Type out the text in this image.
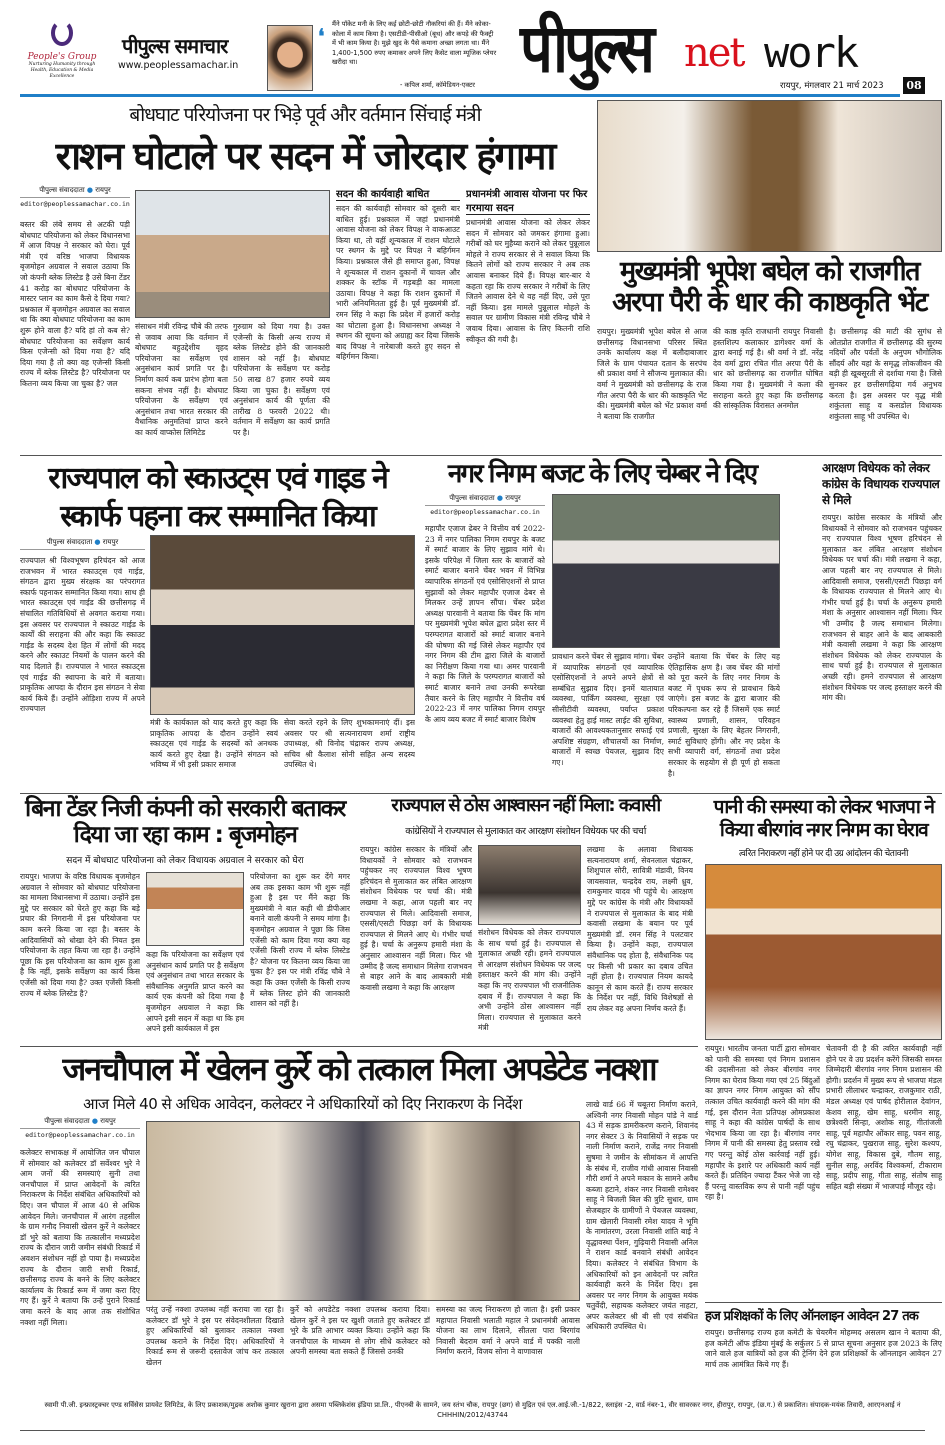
People's Group
Nurturing Humanity through Health, Education & Media Excellence
पीपुल्स समाचार
www.peoplessamachar.in
❛ मैंने पॉकेट मनी के लिए कई छोटी-छोटी नौकरियां की हैं। मैंने कोका-कोला में काम किया है। एसटीडी-पीसीओ (बूथ) और कपड़े की फैक्ट्री में भी काम किया है। मुझे खुद के पैसे कमाना अच्छा लगता था। मैंने 1,400-1,500 रुपए कमाकर अपने लिए कैसेट वाला म्यूजिक प्लेयर खरीदा था।
- कपिल शर्मा, कॉमेडियन-एक्टर पीपुल्स net work
रायपुर, मंगलवार 21 मार्च 2023	08
बोधघाट परियोजना पर भिड़े पूर्व और वर्तमान सिंचाई मंत्री
राशन घोटाले पर सदन में जोरदार हंगामा
पीपुल्स संवाददाता ● रायपुर
editor@peoplessamachar.co.in
बस्तर की लंबे समय से अटकी पड़ी बोधघाट परियोजना को लेकर विधानसभा में आज विपक्ष ने सरकार को घेरा। पूर्व मंत्री एवं वरिष्ठ भाजपा विधायक बृजमोहन अग्रवाल ने सवाल उठाया कि जो कंपनी ब्लेक लिस्टेड है उसे बिना टेंडर 41 करोड़ का बोधघाट परियोजना के मास्टर प्लान का काम कैसे दे दिया गया? प्रश्नकाल में बृजमोहन अग्रवाल का सवाल था कि क्या बोधघाट परियोजना का काम शुरू होने वाला है? यदि हां तो कब से? बोधघाट परियोजना का सर्वेक्षण कार्य किस एजेन्सी को दिया गया है? यदि दिया गया है तो क्या वह एजेन्सी किसी राज्य में ब्लेक लिस्टेड है? परियोजना पर कितना व्यय किया जा चुका है? जल
संसाधन मंत्री रविन्द्र चौबे की तरफ से जवाब आया कि वर्तमान में बोधघाट बहुउद्देशीय वृहद परियोजना का सर्वेक्षण एवं अनुसंधान कार्य प्रगति पर है। निर्माण कार्य कब प्रारंभ होगा बता सकना संभव नहीं है। बोधघाट परियोजना के सर्वेक्षण एवं अनुसंधान तथा भारत सरकार की वैधानिक अनुमतियां प्राप्त करने का कार्य वाप्कोस लिमिटेड
गुरुग्राम को दिया गया है। उक्त एजेन्सी के किसी अन्य राज्य में ब्लेक लिस्टेड होने की जानकारी शासन को नहीं है। बोधघाट परियोजना के सर्वेक्षण पर करोड़ 50 लाख 87 हजार रुपये व्यय किया जा चुका है। सर्वेक्षण एवं अनुसंधान कार्य की पूर्णता की तारीख 8 फरवरी 2022 थी। वर्तमान में सर्वेक्षण का कार्य प्रगति पर है।
सदन की कार्यवाही बाधित
सदन की कार्यवाही सोमवार को दूसरी बार बाधित हुई। प्रश्नकाल में जहां प्रधानमंत्री आवास योजना को लेकर विपक्ष ने वाकआउट किया था, तो वहीं शून्यकाल में राशन घोटाले पर स्थगन के मुद्दे पर विपक्ष ने बहिर्गमन किया। प्रश्नकाल जैसे ही समाप्त हुआ, विपक्ष ने शून्यकाल में राशन दुकानों में चावल और शक्कर के स्टॉक में गड़बड़ी का मामला उठाया। विपक्ष ने कहा कि राशन दुकानों में भारी अनियमितता हुई है। पूर्व मुख्यमंत्री डॉ. रमन सिंह ने कहा कि प्रदेश में हजारों करोड़ का घोटाला हुआ है। विधानसभा अध्यक्ष ने स्थगन की सूचना को अग्राह्य कर दिया जिसके बाद विपक्ष ने नारेबाजी करते हुए सदन से बहिर्गमन किया।
प्रधानमंत्री आवास योजना पर फिर गरमाया सदन
प्रधानमंत्री आवास योजना को लेकर लेकर सदन में सोमवार को जमकर हंगामा हुआ। गरीबों को घर मुहैय्या कराने को लेकर पुन्नूलाल मोहले ने राज्य सरकार से ने सवाल किया कि कितने लोगों को राज्य सरकार ने अब तक आवास बनाकर दिये हैं। विपक्ष बार-बार ये कहता रहा कि राज्य सरकार ने गरीबों के लिए जितने आवास देने थे वह नहीं दिए, उसे पूरा नहीं किया। इस मामले पुन्नूलाल मोहले के सवाल पर ग्रामीण विकास मंत्री रविन्द्र चौबे ने जवाब दिया। आवास के लिए कितनी राशि स्वीकृत की गयी है।
मुख्यमंत्री भूपेश बघेल को राजगीत अरपा पैरी के धार की काष्ठकृति भेंट
रायपुर। मुख्यमंत्री भूपेश बघेल से आज छत्तीसगढ़ विधानसभा परिसर स्थित उनके कार्यालय कक्ष में बलौदाबाजार जिले के ग्राम पंचायत दतान के सरपंच श्री प्रकाश वर्मा ने सौजन्य मुलाकात की। वर्मा ने मुख्यमंत्री को छत्तीसगढ़ के राज गीत अरपा पैरी के धार की काष्ठकृति भेंट की। मुख्यमंत्री बघेल को भेंट प्रकाश वर्मा ने बताया कि राजगीत
की काष्ठ कृति राजधानी रायपुर निवासी हस्तशिल्प कलाकार डागेश्वर वर्मा के द्वारा बनाई गई है। श्री वर्मा ने डॉ. नरेंद्र देव वर्मा द्वारा रचित गीत अरपा पैरी के धार को छत्तीसगढ़ का राजगीत घोषित किया गया है। मुख्यमंत्री ने कला की सराहना करते हुए कहा कि छत्तीसगढ़ की सांस्कृतिक विरासत अनमोल
है। छत्तीसगढ़ की माटी की सुगंध से ओतप्रोत राजगीत में छत्तीसगढ़ की सुरम्य नदियों और पर्वतों के अनुपम भौगोलिक सौंदर्य और यहां के समृद्ध लोकजीवन की बड़ी ही खूबसूरती से दर्शाया गया है। जिसे सुनकर हर छत्तीसगढ़िया गर्व अनुभव करता है। इस अवसर पर वृद्ध मंत्री शकुंतला साहू व कसडोल विधायक शकुंतला साहू भी उपस्थित थे।
राज्यपाल को स्काउट्स एवं गाइड ने स्कार्फ पहना कर सम्मानित किया
पीपुल्स संवाददाता ● रायपुर
राज्यपाल श्री विश्वभूषण हरिचंदन को आज राजभवन में भारत स्काउट्स एवं गाईड, संगठन द्वारा मुख्य संरक्षक का परंपरागत स्कार्फ पहनाकर सम्मानित किया गया। साथ ही भारत स्काउट्स एवं गाईड की छत्तीसगढ़ में संचालित गतिविधियों से अवगत कराया गया। इस अवसर पर राज्यपाल ने स्काउट गाईड के कार्यों की सराहना की और कहा कि स्काउट गाईड के सदस्य देश हित में लोगों की मदद करने और स्काउट नियमों के पालन करने की याद दिलाते हैं। राज्यपाल ने भारत स्काउट्स एवं गाईड की स्थापना के बारे में बताया। प्राकृतिक आपदा के दौरान इस संगठन ने सेवा कार्य किये हैं। उन्होंने ओड़िशा राज्य में अपने राज्यपाल
मंत्री के कार्यकाल को याद करते हुए कहा कि प्राकृतिक आपदा के दौरान उन्होंने स्वयं स्काउट्स एवं गाईड के सदस्यों को अनथक कार्य करते हुए देखा है। उन्होंने संगठन को भविष्य में भी इसी प्रकार समाज
सेवा करते रहने के लिए शुभकामनाएं दीं। इस अवसर पर श्री सत्यनारायण शर्मा राष्ट्रीय उपाध्यक्ष, श्री विनोद चंद्राकर राज्य अध्यक्ष, सचिव श्री कैलाश सोनी सहित अन्य सदस्य उपस्थित थे।
नगर निगम बजट के लिए चेम्बर ने दिए
पीपुल्स संवाददाता ● रायपुर
editor@peoplessamachar.co.in
महापौर एजाज ढेबर ने वित्तीय वर्ष 2022-23 में नगर पालिका निगम रायपुर के बजट में स्मार्ट बाजार के लिए सुझाव मांगे थे। इसके परिपेक्ष में जिला स्तर के बाजारों को स्मार्ट बाजार बनाने चेंबर भवन में विभिन्न व्यापारिक संगठनों एवं एसोसिएशनों से प्राप्त सुझावों को लेकर महापौर एजाज ढेबर से मिलकर उन्हें ज्ञापन सौंपा। चेंबर प्रदेश अध्यक्ष पारवानी ने बताया कि चेंबर कि मांग पर मुख्यमंत्री भूपेश बघेल द्वारा प्रदेश स्तर में परम्परागत बाजारों को स्मार्ट बाजार बनाने की घोषणा की गई जिसे लेकर महापौर एवं नगर निगम की टीम द्वारा जिले के बाजारों का निरीक्षण किया गया था। अमर पारवानी ने कहा कि जिले के परम्परागत बाजारों को स्मार्ट बाजार बनाने तथा उनकी रूपरेखा तैयार करने के लिए महापौर ने वित्तीय वर्ष 2022-23 में नगर पालिका निगम रायपुर के आय व्यय बजट में स्मार्ट बाजार विशेष
प्रावधान करने चेंबर से सुझाव मांगा। चेंबर में व्यापारिक संगठनों एवं व्यापारिक एसोसिएशनों ने अपने अपने क्षेत्रों से सम्बंधित सुझाव दिए। इनमें यातायात व्यवस्था, पार्किंग व्यवस्था, सुरक्षा एवं सीसीटीवी व्यवस्था, पर्याप्त प्रकाश व्यवस्था हेतु हाई मास्ट लाईट की सुविधा, बाजारों की आवश्यकतानुसार सफाई एवं अपशिष्ट संग्रहण, शौचालयों का निर्माण, बाजारों में स्वच्छ पेयजल, सुझाव दिए गए।
उन्होंने बताया कि चेंबर के लिए यह ऐतिहासिक क्षण है। जब चेंबर की मांगों को पूरा करने के लिए नगर निगम के बजट में पृथक रूप से प्रावधान किये जाएंगे। इस बजट के द्वारा बाजार की परिकल्पना कर रहे हैं जिसमें एक स्मार्ट स्वास्थ्य प्रणाली, शासन, परिवहन प्रणाली, सुरक्षा के लिए बेहतर निगरानी, स्मार्ट सुविधाएं होंगी। और नए प्रदेश के सभी व्यापारी वर्ग, संगठनों तथा प्रदेश सरकार के सहयोग से ही पूर्ण हो सकता है।
आरक्षण विधेयक को लेकर कांग्रेस के विधायक राज्यपाल से मिले
रायपुर। कांग्रेस सरकार के मंत्रियों और विधायकों ने सोमवार को राजभवन पहुंचकर नए राज्यपाल विश्व भूषण हरिचंदन से मुलाकात कर लंबित आरक्षण संशोधन विधेयक पर चर्चा की। मंत्री लखमा ने कहा, आज पहली बार नए राज्यपाल से मिले। आदिवासी समाज, एससी/एसटी पिछड़ा वर्ग के विधायक राज्यपाल से मिलने आए थे। गंभीर चर्चा हुई है। चर्चा के अनुरूप हमारी मंशा के अनुसार आश्वासन नहीं मिला। फिर भी उम्मीद है जल्द समाधान मिलेगा। राजभवन से बाहर आने के बाद आबकारी मंत्री कवासी लखमा ने कहा कि आरक्षण संशोधन विधेयक को लेकर राज्यपाल के साथ चर्चा हुई है। राज्यपाल से मुलाकात अच्छी रही। हमने राज्यपाल से आरक्षण संशोधन विधेयक पर जल्द हस्ताक्षर करने की मांग की।
बिना टेंडर निजी कंपनी को सरकारी बताकर दिया जा रहा काम : बृजमोहन
सदन में बोधघाट परियोजना को लेकर विधायक अग्रवाल ने सरकार को घेरा
रायपुर। भाजपा के वरिष्ठ विधायक बृजमोहन अग्रवाल ने सोमवार को बोधघाट परियोजना का मामला विधानसभा में उठाया। उन्होंने इस मुद्दे पर सरकार को घेरते हुए कहा कि बड़े प्रचार की निगरानी में इस परियोजना पर काम करने किया जा रहा है। बस्तर के आदिवासियों को धोखा देने की नियत इस परियोजना के तहत किया जा रहा है। उन्होंने पूछा कि इस परियोजना का काम शुरू हुआ है कि नहीं, इसके सर्वेक्षण का कार्य किस एजेंसी को दिया गया है? उक्त एजेंसी किसी राज्य में ब्लेक लिस्टेड है?
कहा कि परियोजना का सर्वेक्षण एवं अनुसंधान कार्य प्रगति पर है सर्वेक्षण एवं अनुसंधान तथा भारत सरकार के संवैधानिक अनुमति प्राप्त करने का कार्य एक कंपनी को दिया गया है बृजमोहन अग्रवाल ने कहा कि आपने इसी सदन में कहा था कि हम अपने इसी कार्यकाल में इस
परियोजना का शुरू कर देंगे मगर अब तक इसका काम भी शुरू नहीं हुआ है इस पर मैंने कहा कि मुख्यमंत्री ने बात कही थी डीपीआर बनाने वाली कंपनी ने समय मांगा है। बृजमोहन अग्रवाल ने पूछा कि जिस एजेंसी को काम दिया गया क्या वह एजेंसी किसी राज्य में ब्लेक लिस्टेड है? योजना पर कितना व्यय किया जा चुका है? इस पर मंत्री रविंद्र चौबे ने कहा कि उक्त एजेंसी के किसी राज्य में ब्लेक लिस्ट होने की जानकारी शासन को नहीं है।
राज्यपाल से ठोस आश्वासन नहीं मिला: कवासी
कांग्रेसियों ने राज्यपाल से मुलाकात कर आरक्षण संशोधन विधेयक पर की चर्चा
रायपुर। कांग्रेस सरकार के मंत्रियों और विधायकों ने सोमवार को राजभवन पहुंचकर नए राज्यपाल विश्व भूषण हरिचंदन से मुलाकात कर लंबित आरक्षण संशोधन विधेयक पर चर्चा की। मंत्री लखमा ने कहा, आज पहली बार नए राज्यपाल से मिले। आदिवासी समाज, एससी/एसटी पिछड़ा वर्ग के विधायक राज्यपाल से मिलने आए थे। गंभीर चर्चा हुई है। चर्चा के अनुरूप हमारी मंशा के अनुसार आश्वासन नहीं मिला। फिर भी उम्मीद है जल्द समाधान मिलेगा राजभवन से बाहर आने के बाद आबकारी मंत्री कवासी लखमा ने कहा कि आरक्षण
संशोधन विधेयक को लेकर राज्यपाल के साथ चर्चा हुई है। राज्यपाल से मुलाकात अच्छी रही। हमने राज्यपाल से आरक्षण संशोधन विधेयक पर जल्द हस्ताक्षर करने की मांग की। उन्होंने कहा कि नए राज्यपाल भी राजनीतिक दबाव में हैं। राज्यपाल ने कहा कि अभी उन्होंने ठोस आश्वासन नहीं मिला। राज्यपाल से मुलाकात करने मंत्री
लखमा के अलावा विधायक सत्यनारायण शर्मा, सेवनलाल चंद्राकर, शिशुपाल सोरी, सावित्री मंडावी, विनय जायसवाल, चन्द्रदेव राय, लक्ष्मी ध्रुव, रामकुमार यादव भी पहुंचे थे। आरक्षण मुद्दे पर कांग्रेस के मंत्री और विधायकों ने राज्यपाल से मुलाकात के बाद मंत्री कवासी लखमा के बयान पर पूर्व मुख्यमंत्री डॉ. रमन सिंह ने पलटवार किया है। उन्होंने कहा, राज्यपाल संवैधानिक पद होता है, संवैधानिक पद पर किसी भी प्रकार का दबाव उचित नहीं होता है। राज्यपाल नियम कायदे कानून से काम करते हैं। राज्य सरकार के निर्देश पर नहीं, विधि विशेषज्ञों से राय लेकर वह अपना निर्णय करते हैं।
पानी की समस्या को लेकर भाजपा ने किया बीरगांव नगर निगम का घेराव
त्वरित निराकरण नहीं होने पर दी उग्र आंदोलन की चेतावनी
रायपुर। भारतीय जनता पार्टी द्वारा सोमवार को पानी की समस्या एवं निगम प्रशासन की उदासीनता को लेकर बीरगांव नगर निगम का घेराव किया गया एवं 25 बिंदुओं का ज्ञापन नगर निगम आयुक्त को सौंप तत्काल उचित कार्यवाही करने की मांग की गई, इस दौरान नेता प्रतिपक्ष ओमप्रकाश साहू ने कहा की कांग्रेस पार्षदों के साथ भेदभाव किया जा रहा है। बीरगांव नगर निगम में पानी की समस्या हेतु प्रस्ताव रखे गए परन्तु कोई ठोस कार्रवाई नहीं हुई। महापौर के इशारे पर अधिकारी कार्य नहीं करते हैं। प्रतिदिन ज्यादा टैंकर भेजे जा रहे हैं परन्तु वास्तविक रूप से पानी नहीं पहुंच रहा है।
चेतावनी दी है की त्वरित कार्यवाही नहीं होने पर वे उग्र प्रदर्शन करेंगे जिसकी समस्त जिम्मेदारी बीरगांव नगर निगम प्रशासन की होगी। प्रदर्शन में मुख्य रूप से भाजपा मंडल प्रभारी लीलाधर चन्द्राकर, राजकुमार राठी, मंडल अध्यक्ष एवं पार्षद होरीलाल देवांगन, केशव साहू, खेम साहू, धरमीन साहू, छत्रेश्वरी सिन्हा, अशोक साहू, गीतांजली साहू, पूर्व महापौर ओंकार साहू, पवन साहू, रघु चंद्राकर, पुखराज साहू, सुरेश कश्यप, योगेश साहू, विकास दुबे, गौतम साहू, सुनील साहू, अरविंद विश्वकर्मा, टीकाराम साहू, प्रदीप साहू, गीता साहू, संतोष साहू सहित बड़ी संख्या में भाजपाई मौजूद रहे।
जनचौपाल में खेलन कुर्रे को तत्काल मिला अपडेटेड नक्शा
आज मिले 40 से अधिक आवेदन, कलेक्टर ने अधिकारियों को दिए निराकरण के निर्देश
पीपुल्स संवाददाता ● रायपुर
editor@peoplessamachar.co.in
कलेक्टर सभाकक्ष में आयोजित जन चौपाल में सोमवार को कलेक्टर डॉ सर्वेश्वर भुरे ने आम जनों की समस्याएं सुनी तथा जनचौपाल में प्राप्त आवेदनों के त्वरित निराकरण के निर्देश संबंधित अधिकारियों को दिए। जन चौपाल में आज 40 से अधिक आवेदन मिले। जनचौपाल में आरंग तहसील के ग्राम गनौद निवासी खेलन कुर्रे ने कलेक्टर डॉ भुरे को बताया कि तत्कालीन मध्यप्रदेश राज्य के दौरान जारी जमीन संबंधी रिकार्ड में अवशन संशोधन नहीं हो पाया है। मध्यप्रदेश राज्य के दौरान जारी सभी रिकार्ड, छत्तीसगढ़ राज्य के बनने के लिए कलेक्टर कार्यालय के रिकार्ड रूम में जमा करा दिए गए हैं। कुर्रे ने बताया कि उन्हें पुराने रिकार्ड जमा करने के बाद आज तक संशोधित नक्शा नहीं मिला।
परंतु उन्हें नक्शा उपलब्ध नहीं कराया जा रहा है। कलेक्टर डॉ भुरे ने इस पर संवेदनशीलता दिखाते हुए अधिकारियों को बुलाकर तत्काल नक्शा उपलब्ध कराने के निर्देश दिए। अधिकारियों ने रिकार्ड रूम से जरूरी दस्तावेज जांच कर तत्काल खेलन
कुर्रे को अपडेटेड नक्शा उपलब्ध कराया दिया। खेलन कुर्रे ने इस पर खुशी जताते हुए कलेक्टर डॉ भुरे के प्रति आभार व्यक्त किया। उन्होंने कहा कि जनचौपाल के माध्यम से लोग सीधे कलेक्टर को अपनी समस्या बता सकते हैं जिससे उनकी
समस्या का जल्द निराकरण हो जाता है। इसी प्रकार महापात निवासी भलाती महाल ने प्रधानमंत्री आवास योजना का लाभ दिलाने, सीतला पारा बिरगांव निवासी बेदराम वर्मा ने अपने वार्ड में पक्की नाली निर्माण कराने, विजय सोना ने वाणावास
लाखे वार्ड 66 में चबूतरा निर्माण कराने, अश्विनी नगर निवासी मोहन पांडे ने वार्ड 43 में सड़क डामरीकरण कराने, शिवानंद नगर सेक्टर 3 के निवासियों ने सड़क पर नाली निर्माण कराने, राजेंद्र नगर निवासी सुषमा ने जमीन के सीमांकन में आपत्ति के संबंध में, राजीव गांधी आवास निवासी गौरी शर्मा ने अपने मकान के सामने अवैध कब्जा हटाने, शंकर नगर निवासी रामेश्वर साहू ने बिजली बिल की त्रुटि सुधार, ग्राम सेजबहार के ग्रामीणों ने पेयजल व्यवस्था, ग्राम खेलारी निवासी रमेश यादव ने भूमि के नामांतरण, उरला निवासी शांति बाई ने वृद्धावस्था पेंशन, गुढ़ियारी निवासी अनिल ने राशन कार्ड बनवाने संबंधी आवेदन दिया। कलेक्टर ने संबंधित विभाग के अधिकारियों को इन आवेदनों पर त्वरित कार्यवाही करने के निर्देश दिए। इस अवसर पर नगर निगम के आयुक्त मयंक चतुर्वेदी, सहायक कलेक्टर जयंत नाहटा, अपर कलेक्टर श्री बी सी एवं संबंधित अधिकारी उपस्थित थे।
हज प्रशिक्षकों के लिए ऑनलाइन आवेदन 27 तक
रायपुर। छत्तीसगढ़ राज्य हज कमेटी के चेयरमैन मोहम्मद असलम खान ने बताया की, हज कमेटी ऑफ इंडिया मुंबई के सर्कुलर 5 से प्राप्त सूचना अनुसार हज 2023 के लिए जाने वाले हज यात्रियों को हज की ट्रेनिंग देने हज प्रशिक्षकों के ऑनलाइन आवेदन 27 मार्च तक आमंत्रित किये गए हैं।
स्वामी पी.जी. इन्फ्रास्ट्रक्चर एण्ड सर्विसेस प्रायवेट लिमिटेड, के लिए प्रकाशक/मुद्रक अशोक कुमार खुराना द्वारा असमा पब्लिकेशंस इंडिया प्रा.लि., पीएनबी के सामने, जय स्तंभ चौक, रायपुर (छग) से मुद्रित एवं एल.आई.जी.-1/822, स्लाइंस -2, वार्ड नंबर-1, वीर सावरकर नगर, हीरापुर, रायपुर, (छ.ग.) से प्रकाशित। संपादक-मयंक तिवारी, आरएनआई नं CHHHIN/2012/43744
